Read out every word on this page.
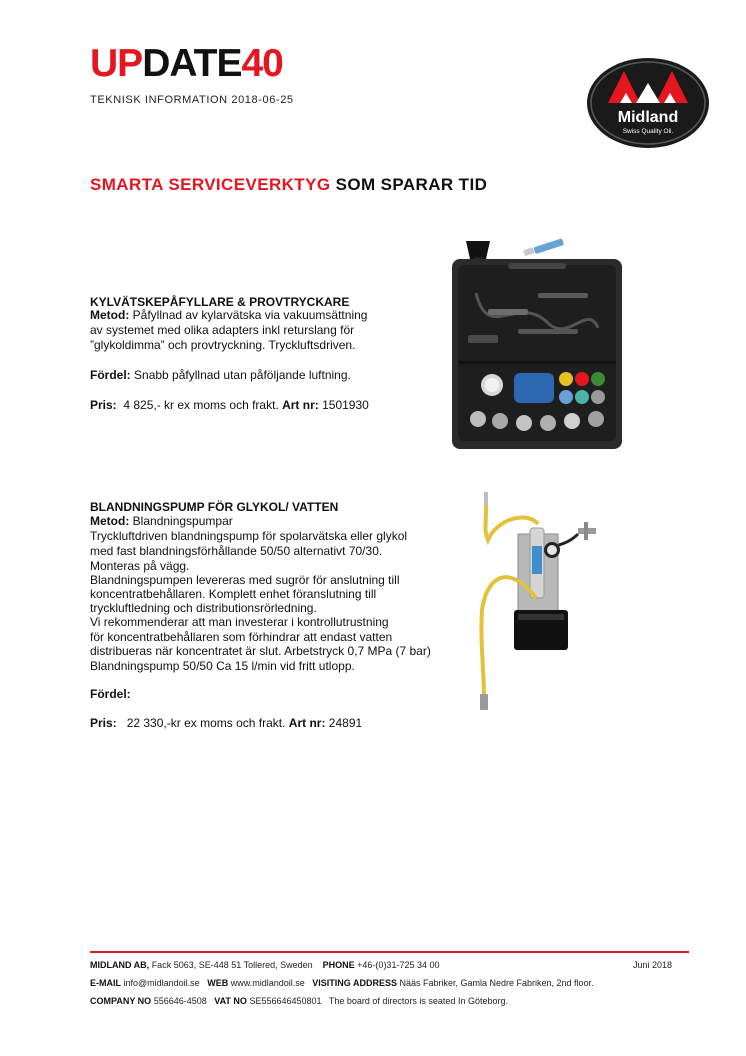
UPDATE40
TEKNISK INFORMATION 2018-06-25
Midland
Swiss Quality Oil.
SMARTA SERVICEVERKTYG SOM SPARAR TID
KYLVÄTSKEPÅFYLLARE & PROVTRYCKARE
Metod: Påfyllnad av kylarvätska via vakuumsättning
av systemet med olika adapters inkl returslang för
”glykoldimma” och provtryckning. Tryckluftsdriven.
Fördel: Snabb påfyllnad utan påföljande luftning.
Pris: 4 825,- kr ex moms och frakt. Art nr: 1501930
BLANDNINGSPUMP FÖR GLYKOL/ VATTEN
Metod: Blandningspumpar
Tryckluftdriven blandningspump för spolarvätska eller glykol
med fast blandningsförhållande 50/50 alternativt 70/30.
Monteras på vägg.
Blandningspumpen levereras med sugrör för anslutning till
koncentratbehållaren. Komplett enhet föranslutning till
tryckluftledning och distributionsrörledning.
Vi rekommenderar att man investerar i kontrollutrustning
för koncentratbehållaren som förhindrar att endast vatten
distribueras när koncentratet är slut. Arbetstryck 0,7 MPa (7 bar)
Blandningspump 50/50 Ca 15 l/min vid fritt utlopp.
Fördel:
Pris: 22 330,-kr ex moms och frakt. Art nr: 24891
MIDLAND AB, Fack 5063, SE-448 51 Tollered, Sweden PHONE +46-(0)31-725 34 00	Juni 2018
E-MAIL info@midlandoil.se WEB www.midlandoil.se VISITING ADDRESS Nääs Fabriker, Gamla Nedre Fabriken, 2nd floor.
COMPANY NO 556646-4508 VAT NO SE556646450801 The board of directors is seated In Göteborg.
